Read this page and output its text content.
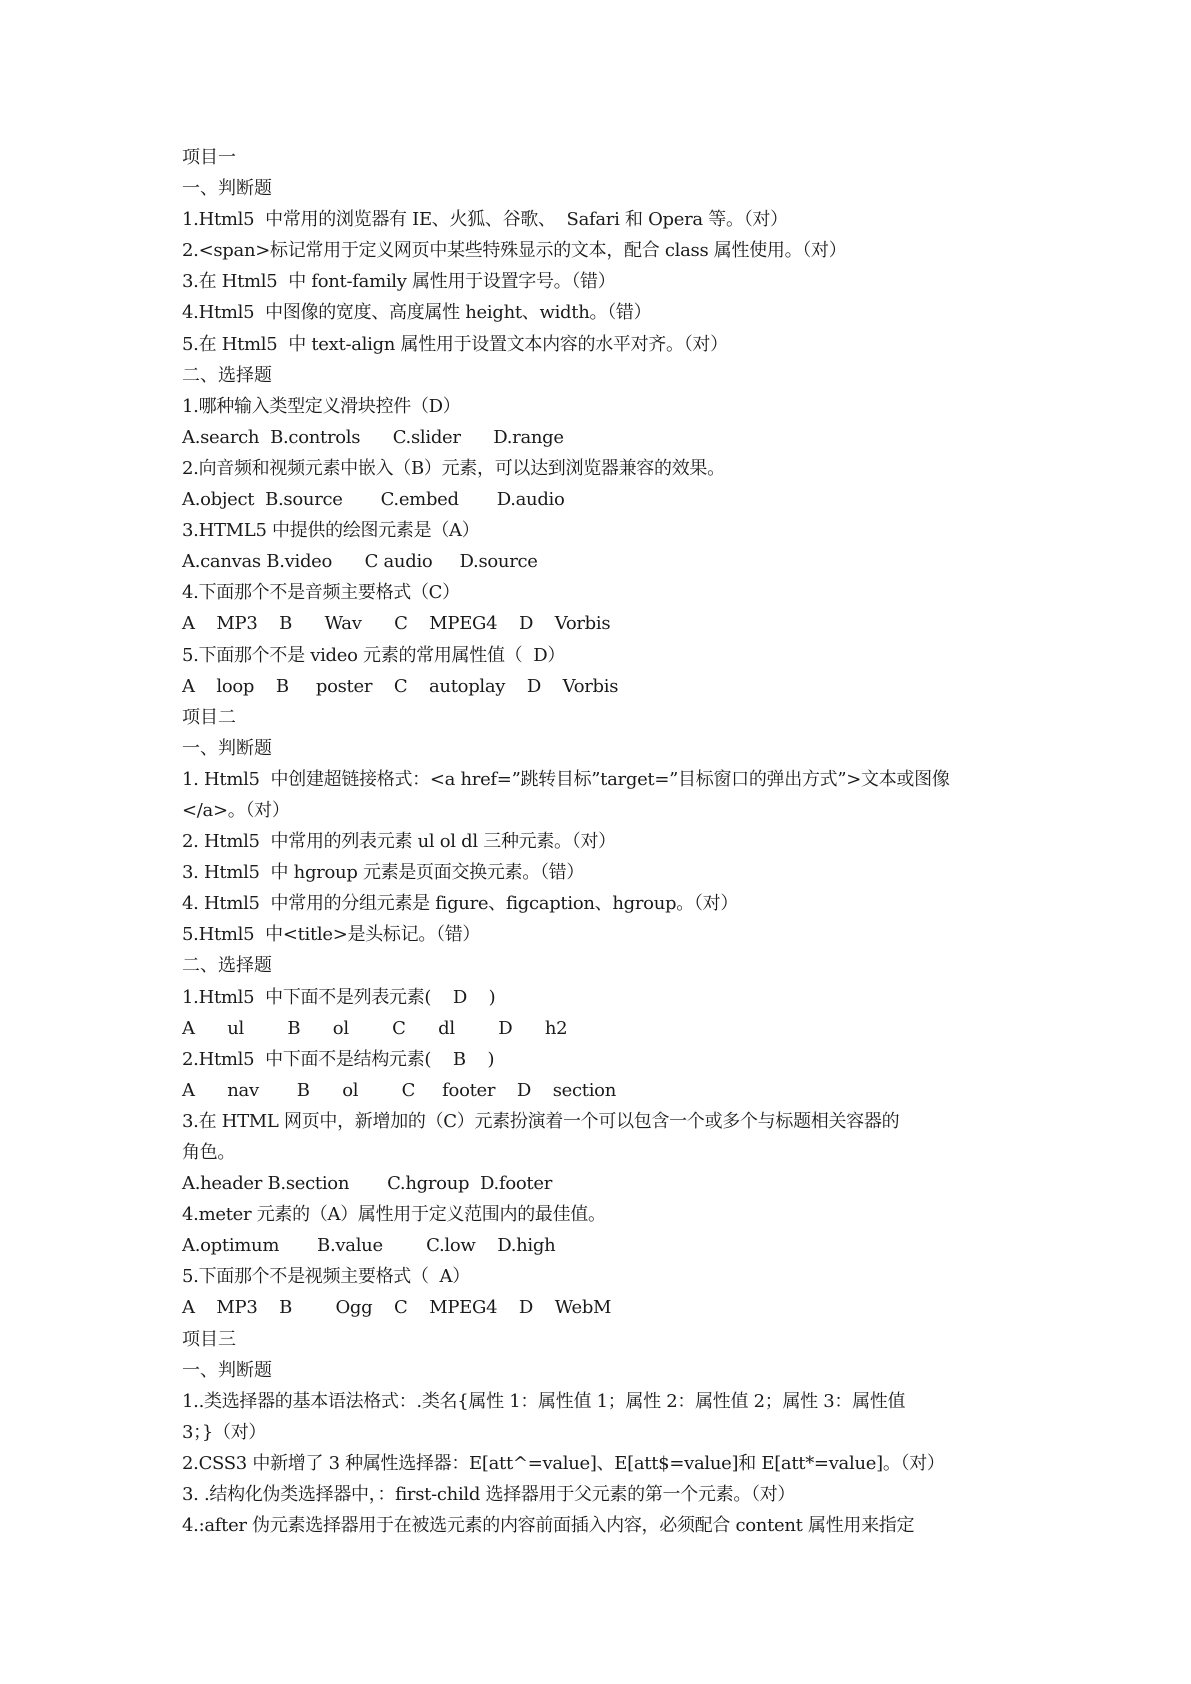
项目一

一、判断题

1.Html5  中常用的浏览器有 IE、火狐、谷歌、  Safari 和 Opera 等。（对）

2.<span>标记常用于定义网页中某些特殊显示的文本，配合 class 属性使用。（对）

3.在 Html5  中 font-family 属性用于设置字号。（错）

4.Html5  中图像的宽度、高度属性 height、width。（错）

5.在 Html5  中 text-align 属性用于设置文本内容的水平对齐。（对）

二、选择题

1.哪种输入类型定义滑块控件（D）

A.search  B.controls      C.slider      D.range

2.向音频和视频元素中嵌入（B）元素，可以达到浏览器兼容的效果。

A.object  B.source       C.embed       D.audio

3.HTML5 中提供的绘图元素是（A）

A.canvas B.video      C audio     D.source

4.下面那个不是音频主要格式（C）

A    MP3    B      Wav      C    MPEG4    D    Vorbis

5.下面那个不是 video 元素的常用属性值（  D）

A    loop    B     poster    C    autoplay    D    Vorbis

项目二

一、判断题

1. Html5  中创建超链接格式：<a href=”跳转目标”target=”目标窗口的弹出方式”>文本或图像

</a>。（对）

2. Html5  中常用的列表元素 ul ol dl 三种元素。（对）

3. Html5  中 hgroup 元素是页面交换元素。（错）

4. Html5  中常用的分组元素是 figure、figcaption、hgroup。（对）

5.Html5  中<title>是头标记。（错）

二、选择题

1.Html5  中下面不是列表元素(    D    )

A      ul        B      ol        C      dl        D      h2

2.Html5  中下面不是结构元素(    B    )

A      nav       B      ol        C     footer    D    section

3.在 HTML 网页中，新增加的（C）元素扮演着一个可以包含一个或多个与标题相关容器的

角色。

A.header B.section       C.hgroup  D.footer

4.meter 元素的（A）属性用于定义范围内的最佳值。

A.optimum       B.value        C.low    D.high

5.下面那个不是视频主要格式（  A）

A    MP3    B        Ogg    C    MPEG4    D    WebM

项目三

一、判断题

1..类选择器的基本语法格式：.类名{属性 1：属性值 1；属性 2：属性值 2；属性 3：属性值

3；}（对）

2.CSS3 中新增了 3 种属性选择器：E[att^=value]、E[att$=value]和 E[att*=value]。（对）

3. .结构化伪类选择器中，：first-child 选择器用于父元素的第一个元素。（对）

4.:after 伪元素选择器用于在被选元素的内容前面插入内容，必须配合 content 属性用来指定
